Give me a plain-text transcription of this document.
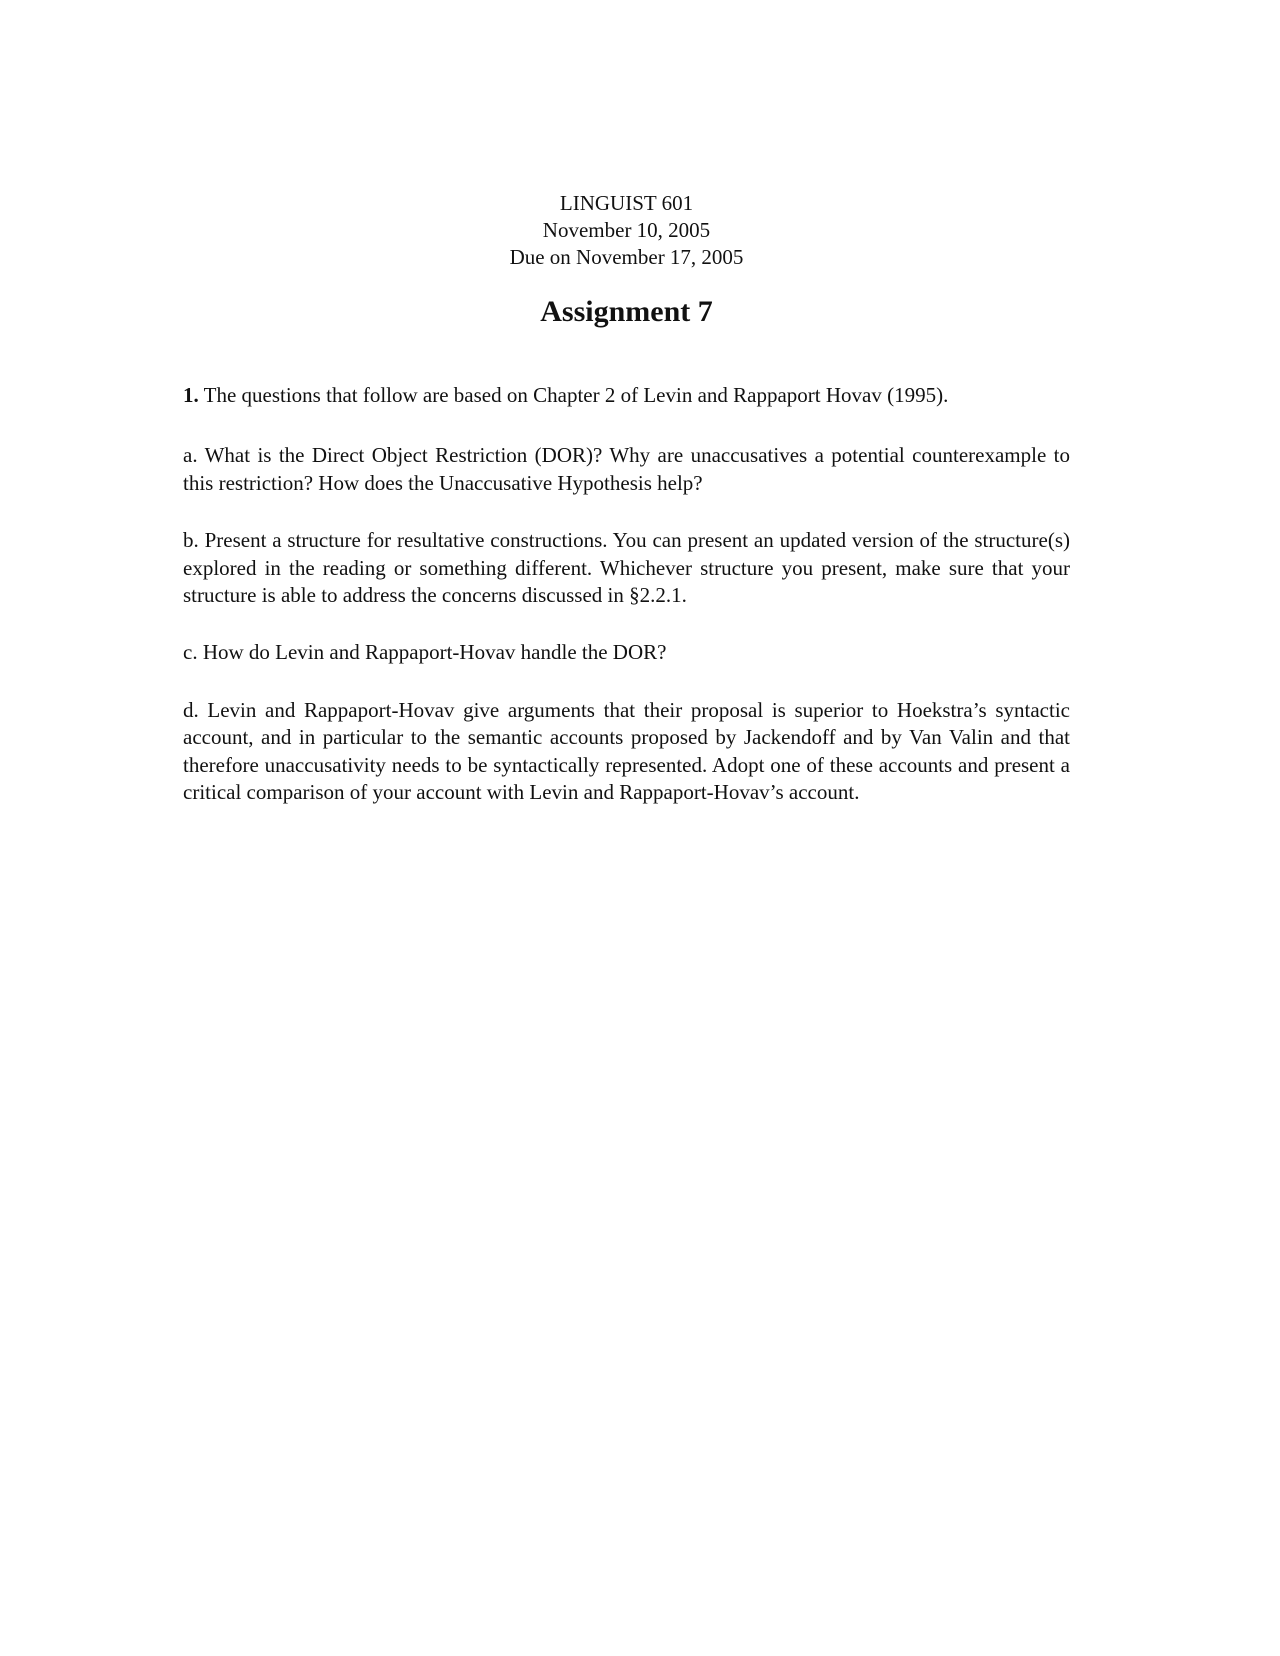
LINGUIST 601
November 10, 2005
Due on November 17, 2005
Assignment 7

1. The questions that follow are based on Chapter 2 of Levin and Rappaport Hovav (1995).

a. What is the Direct Object Restriction (DOR)? Why are unaccusatives a potential counterexample to this restriction? How does the Unaccusative Hypothesis help?

b. Present a structure for resultative constructions. You can present an updated version of the structure(s) explored in the reading or something different. Whichever structure you present, make sure that your structure is able to address the concerns discussed in §2.2.1.

c. How do Levin and Rappaport-Hovav handle the DOR?

d. Levin and Rappaport-Hovav give arguments that their proposal is superior to Hoekstra’s syntactic account, and in particular to the semantic accounts proposed by Jackendoff and by Van Valin and that therefore unaccusativity needs to be syntactically represented. Adopt one of these accounts and present a critical comparison of your account with Levin and Rappaport-Hovav’s account.
